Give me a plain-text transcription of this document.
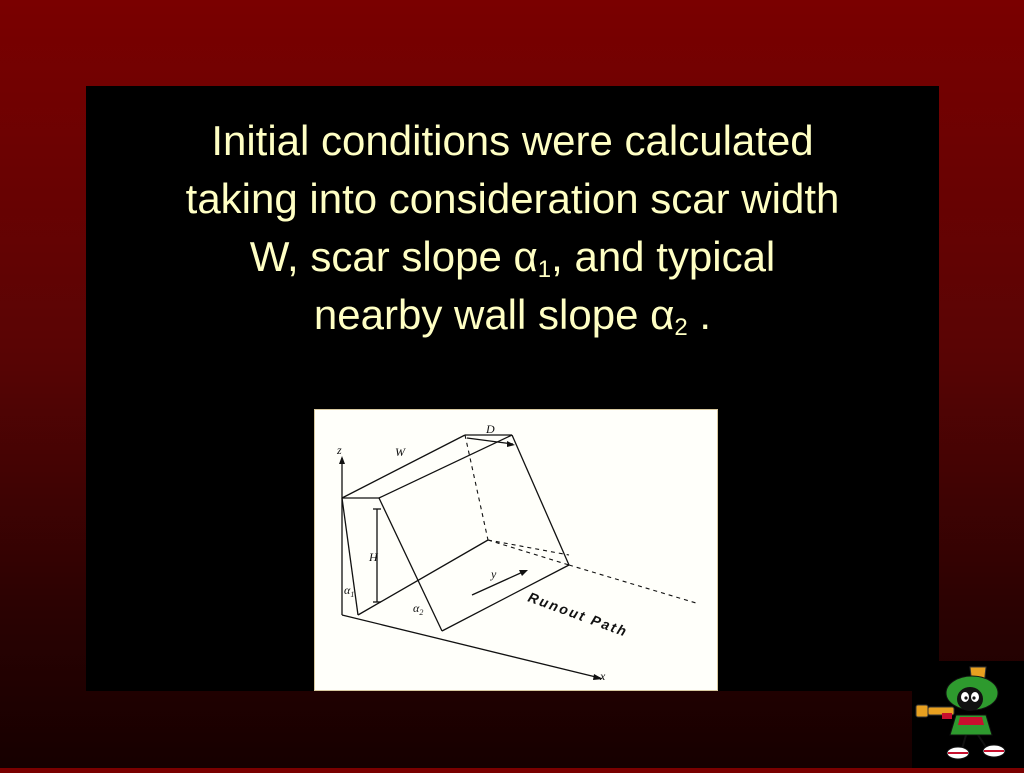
Initial conditions were calculated
taking into consideration scar width
W, scar slope $\alpha_1$, and typical
nearby wall slope $\alpha_2$ .
z	W
D
H
y
x
$\alpha_1$
$\alpha_2$	Runout Path
